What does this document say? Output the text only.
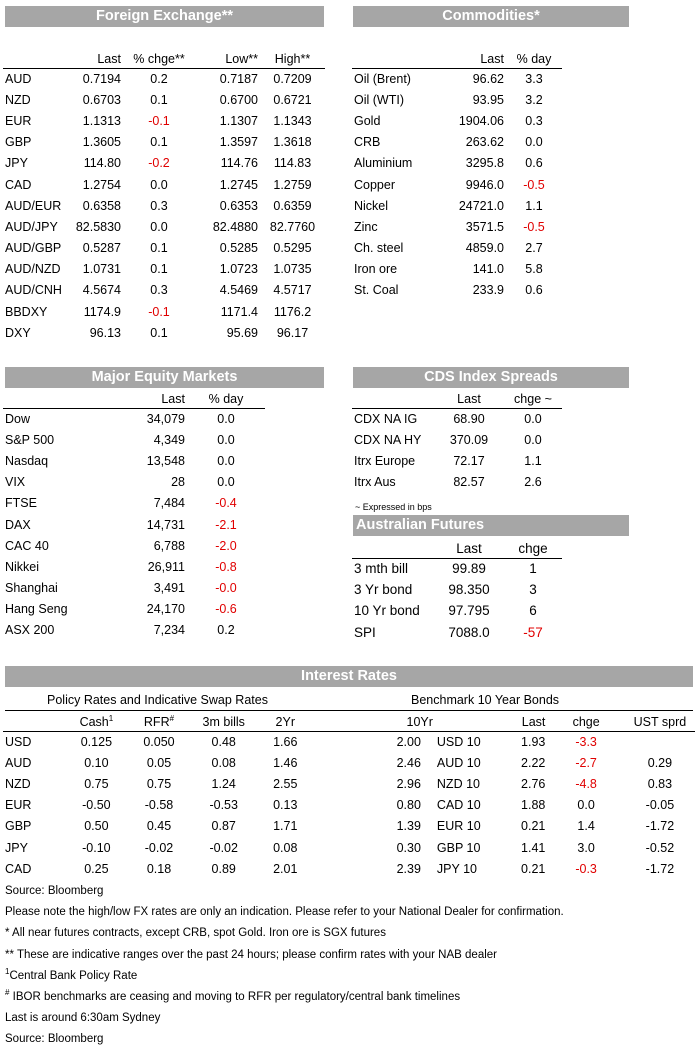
Foreign Exchange**
	Last	% chge**	Low**	High**
AUD	0.7194	0.2	0.7187	0.7209
NZD	0.6703	0.1	0.6700	0.6721
EUR	1.1313	-0.1	1.1307	1.1343
GBP	1.3605	0.1	1.3597	1.3618
JPY	114.80	-0.2	114.76	114.83
CAD	1.2754	0.0	1.2745	1.2759
AUD/EUR	0.6358	0.3	0.6353	0.6359
AUD/JPY	82.5830	0.0	82.4880	82.7760
AUD/GBP	0.5287	0.1	0.5285	0.5295
AUD/NZD	1.0731	0.1	1.0723	1.0735
AUD/CNH	4.5674	0.3	4.5469	4.5717
BBDXY	1174.9	-0.1	1171.4	1176.2
DXY	96.13	0.1	95.69	96.17
Commodities*
	Last	% day
Oil (Brent)	96.62	3.3
Oil (WTI)	93.95	3.2
Gold	1904.06	0.3
CRB	263.62	0.0
Aluminium	3295.8	0.6
Copper	9946.0	-0.5
Nickel	24721.0	1.1
Zinc	3571.5	-0.5
Ch. steel	4859.0	2.7
Iron ore	141.0	5.8
St. Coal	233.9	0.6
Major Equity Markets
	Last	% day
Dow	34,079	0.0
S&P 500	4,349	0.0
Nasdaq	13,548	0.0
VIX	28	0.0
FTSE	7,484	-0.4
DAX	14,731	-2.1
CAC 40	6,788	-2.0
Nikkei	26,911	-0.8
Shanghai	3,491	-0.0
Hang Seng	24,170	-0.6
ASX 200	7,234	0.2
CDS Index Spreads
	Last	chge ~
CDX NA IG	68.90	0.0
CDX NA HY	370.09	0.0
Itrx Europe	72.17	1.1
Itrx Aus	82.57	2.6
~ Expressed in bps
Australian Futures
	Last	chge
3 mth bill	99.89	1
3 Yr bond	98.350	3
10 Yr bond	97.795	6
SPI	7088.0	-57
Interest Rates
Policy Rates and Indicative Swap Rates	Benchmark 10 Year Bonds
	Cash$^1$	RFR#	3m bills	2Yr	10Yr		Last	chge	UST sprd
USD	0.125	0.050	0.48	1.66	2.00	USD 10	1.93	-3.3	
AUD	0.10	0.05	0.08	1.46	2.46	AUD 10	2.22	-2.7	0.29
NZD	0.75	0.75	1.24	2.55	2.96	NZD 10	2.76	-4.8	0.83
EUR	-0.50	-0.58	-0.53	0.13	0.80	CAD 10	1.88	0.0	-0.05
GBP	0.50	0.45	0.87	1.71	1.39	EUR 10	0.21	1.4	-1.72
JPY	-0.10	-0.02	-0.02	0.08	0.30	GBP 10	1.41	3.0	-0.52
CAD	0.25	0.18	0.89	2.01	2.39	JPY 10	0.21	-0.3	-1.72
Source: Bloomberg
Please note the high/low FX rates are only an indication. Please refer to your National Dealer for confirmation.
* All near futures contracts, except CRB, spot Gold. Iron ore is SGX futures
** These are indicative ranges over the past 24 hours; please confirm rates with your NAB dealer
$^1$Central Bank Policy Rate
# IBOR benchmarks are ceasing and moving to RFR per regulatory/central bank timelines
Last is around 6:30am Sydney
Source: Bloomberg
